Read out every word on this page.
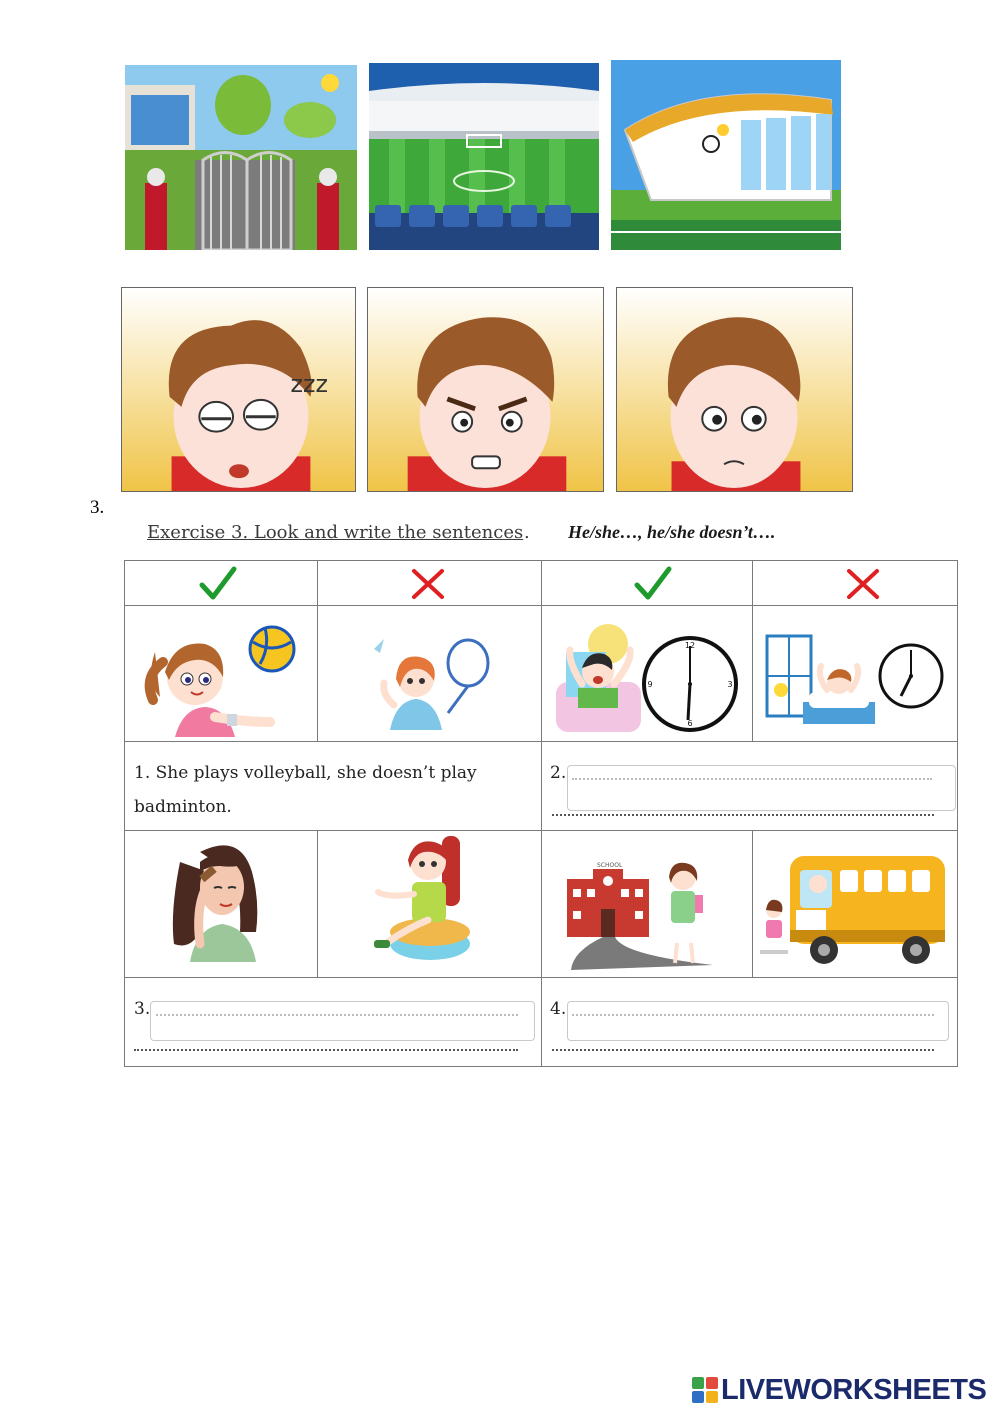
zzz
3.
Exercise 3. Look and write the sentences . He/she…, he/she doesn’t….
12
6
3
9
1. She plays volleyball, she doesn’t play
badminton.
2.
SCHOOL
3.	4.
LIVEWORKSHEETS
